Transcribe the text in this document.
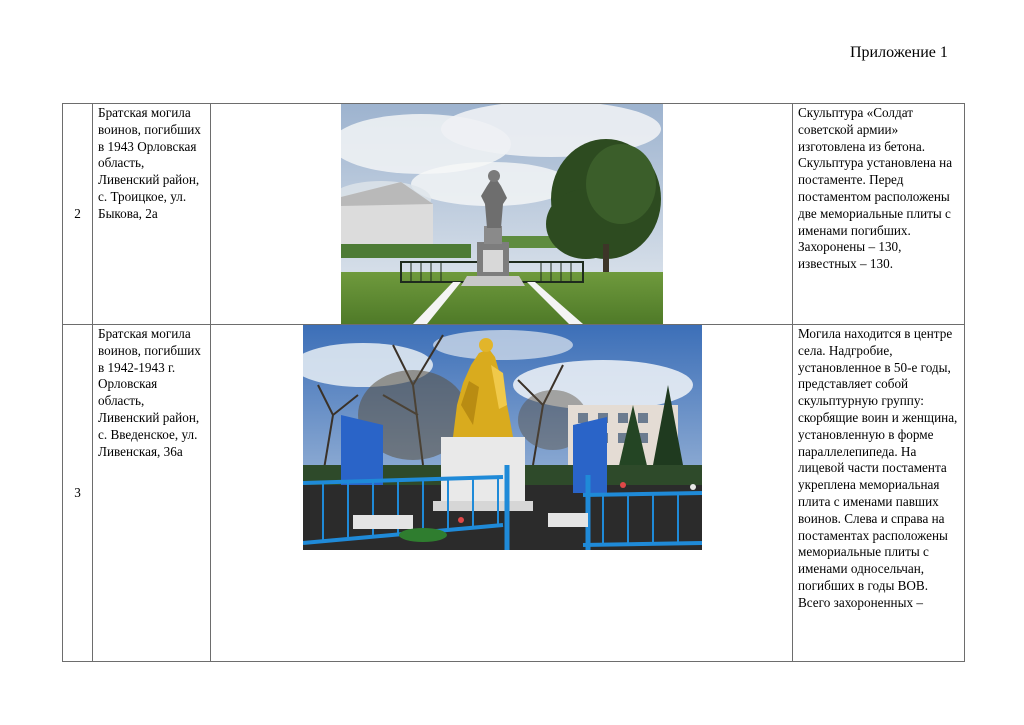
Приложение 1
2	Братская могила воинов, погибших в 1943 Орловская область, Ливенский район, с. Троицкое, ул. Быкова, 2а		Скульптура «Солдат советской армии» изготовлена из бетона. Скульптура установлена на постаменте. Перед постаментом расположены две мемориальные плиты с именами погибших. Захоронены – 130, известных – 130.

3	Братская могила воинов, погибших в 1942-1943 г. Орловская область, Ливенский район, с. Введенское, ул. Ливенская, 36а		Могила находится в центре села. Надгробие, установленное в 50-е годы, представляет собой скульптурную группу: скорбящие воин и женщина, установленную в форме параллелепипеда. На лицевой части постамента укреплена мемориальная плита с именами павших воинов. Слева и справа на постаментах расположены мемориальные плиты с именами односельчан, погибших в годы ВОВ. Всего захороненных –
